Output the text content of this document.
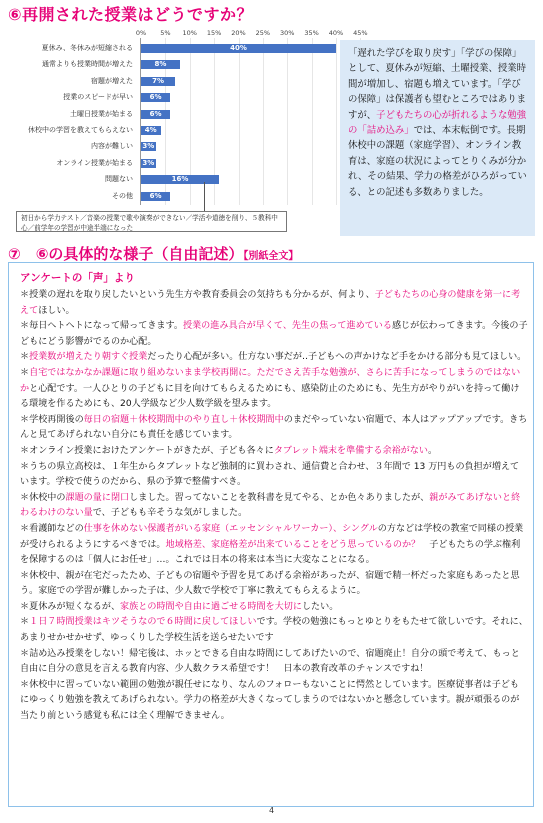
⑥再開された授業はどうですか？
0% 5% 10% 15% 20% 25% 30% 35% 40% 45%
夏休み、冬休みが短縮される	40%
通常よりも授業時間が増えた	8%
宿題が増えた	7%
授業のスピードが早い	6%
土曜日授業が始まる	6%
休校中の学習を教えてもらえない	4%
内容が難しい 3%
オンライン授業が始まる 3%
問題ない	16%
その他	6%
初日から学力テスト／音楽の授業で歌や演奏ができない／学活や道徳を削り、５教科中心／前学年の学習が中途半端になった
「遅れた学びを取り戻す」「学びの保障」として、夏休みが短縮、土曜授業、授業時間が増加し、宿題も増えています。「学びの保障」は保護者も望むところではありますが、子どもたちの心が折れるような勉強の「詰め込み」では、本末転倒です。長期休校中の課題（家庭学習）、オンライン教育は、家庭の状況によってとりくみが分かれ、その結果、学力の格差がひろがっている、との記述も多数ありました。
⑦　⑥の具体的な様子（自由記述）【別紙全文】
アンケートの「声」より

＊授業の遅れを取り戻したいという先生方や教育委員会の気持ちも分かるが、何より、子どもたちの心身の健康を第一に考えてほしい。

＊毎日ヘトヘトになって帰ってきます。授業の進み具合が早くて、先生の焦って進めている感じが伝わってきます。今後の子どもにどう影響がでるのか心配。

＊授業数が増えたり朝すぐ授業だったり心配が多い。仕方ない事だが‥子どもへの声かけなど手をかける部分も見てほしい。

＊自宅ではなかなか課題に取り組めないまま学校再開に。ただでさえ苦手な勉強が、さらに苦手になってしまうのではないかと心配です。一人ひとりの子どもに目を向けてもらえるためにも、感染防止のためにも、先生方がやりがいを持って働ける環境を作るためにも、20人学級など少人数学級を望みます。

＊学校再開後の毎日の宿題＋休校期間中のやり直し＋休校期間中のまだやっていない宿題で、本人はアップアップです。きちんと見てあげられない自分にも責任を感じています。

＊オンライン授業におけたアンケートがきたが、子ども各々にタブレット端末を準備する余裕がない。

＊うちの県立高校は、１年生からタブレットなど強制的に買わされ、通信費と合わせ、３年間で 13 万円もの負担が増えています。学校で使うのだから、県の予算で整備すべき。

＊休校中の課題の量に閉口しました。習ってないことを教科書を見てやる、とか色々ありましたが、親がみてあげないと終わるわけのない量で、子どもも辛そうな気がしました。

＊看護師などの仕事を休めない保護者がいる家庭（エッセンシャルワーカー）、シングルの方などは学校の教室で同様の授業が受けられるようにするべきでは。地域格差、家庭格差が出来ていることをどう思っているのか？　子どもたちの学ぶ権利を保障するのは「個人にお任せ」…。これでは日本の将来は本当に大変なことになる。

＊休校中、親が在宅だったため、子どもの宿題や予習を見てあげる余裕があったが、宿題で精一杯だった家庭もあったと思う。家庭での学習が難しかった子は、少人数で学校で丁寧に教えてもらえるように。

＊夏休みが短くなるが、家族との時間や自由に過ごせる時間を大切にしたい。

＊１日７時間授業はキツそうなので６時間に戻してほしいです。学校の勉強にもっとゆとりをもたせて欲しいです。それに、あまりせかせかせず、ゆっくりした学校生活を送らせたいです

＊詰め込み授業をしない！帰宅後は、ホッとできる自由な時間にしてあげたいので、宿題廃止！自分の頭で考えて、もっと自由に自分の意見を言える教育内容、少人数クラス希望です！　日本の教育改革のチャンスですね！

＊休校中に習っていない範囲の勉強が親任せになり、なんのフォローもないことに愕然としています。医療従事者は子どもにゆっくり勉強を教えてあげられない。学力の格差が大きくなってしまうのではないかと懸念しています。親が頑張るのが当たり前という感覚も私には全く理解できません。

4
